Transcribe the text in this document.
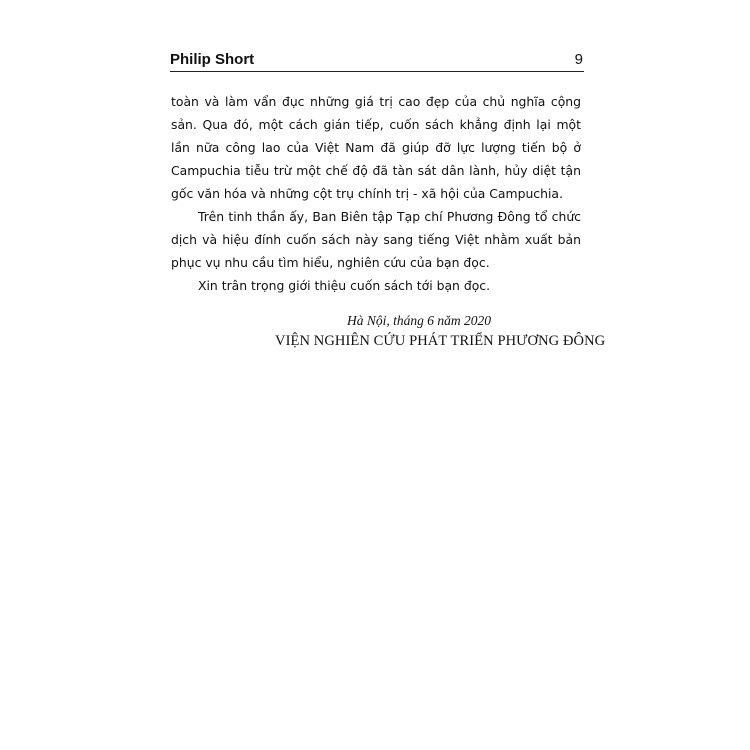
Philip Short	9

toàn và làm vẩn đục những giá trị cao đẹp của chủ nghĩa cộng sản. Qua đó, một cách gián tiếp, cuốn sách khẳng định lại một lần nữa công lao của Việt Nam đã giúp đỡ lực lượng tiến bộ ở Campuchia tiễu trừ một chế độ đã tàn sát dân lành, hủy diệt tận gốc văn hóa và những cột trụ chính trị - xã hội của Campuchia.

Trên tinh thần ấy, Ban Biên tập Tạp chí Phương Đông tổ chức dịch và hiệu đính cuốn sách này sang tiếng Việt nhằm xuất bản phục vụ nhu cầu tìm hiểu, nghiên cứu của bạn đọc.

Xin trân trọng giới thiệu cuốn sách tới bạn đọc.

Hà Nội, tháng 6 năm 2020
VIỆN NGHIÊN CỨU PHÁT TRIỂN PHƯƠNG ĐÔNG
